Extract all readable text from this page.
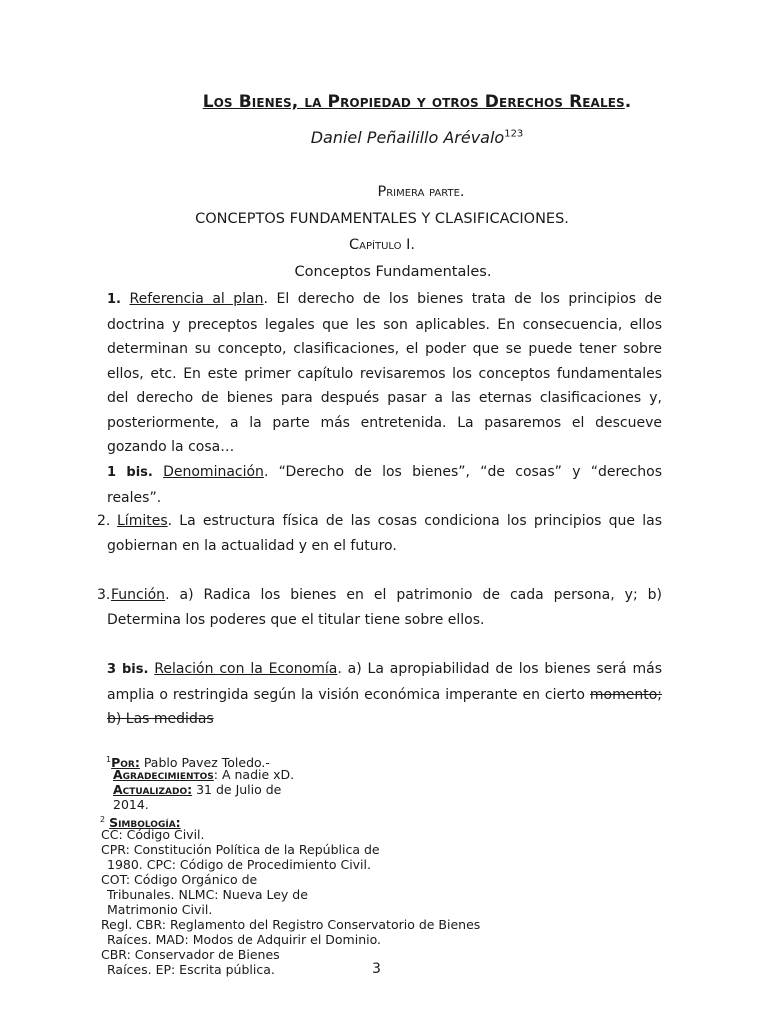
Los Bienes, la Propiedad y otros Derechos Reales.
Daniel Peñailillo Arévalo$^{123}$
Primera parte.
CONCEPTOS FUNDAMENTALES Y CLASIFICACIONES.
Capítulo I.
Conceptos Fundamentales.
1. Referencia al plan. El derecho de los bienes trata de los principios de doctrina y preceptos legales que les son aplicables. En consecuencia, ellos determinan su concepto, clasificaciones, el poder que se puede tener sobre ellos, etc. En este primer capítulo revisaremos los conceptos fundamentales del derecho de bienes para después pasar a las eternas clasificaciones y, posteriormente, a la parte más entretenida. La pasaremos el descueve gozando la cosa…
1 bis. Denominación. “Derecho de los bienes”, “de cosas” y “derechos reales”.
2. Límites. La estructura física de las cosas condiciona los principios que las gobiernan en la actualidad y en el futuro.
3. Función. a) Radica los bienes en el patrimonio de cada persona, y; b) Determina los poderes que el titular tiene sobre ellos.
3 bis. Relación con la Economía. a) La apropiabilidad de los bienes será más amplia o restringida según la visión económica imperante en cierto momento; b) Las medidas
$^1$Por: Pablo Pavez Toledo.-
Agradecimientos: A nadie xD.
Actualizado: 31 de Julio de
2014.
$^2$ Simbología:
CC: Código Civil.
CPR: Constitución Política de la República de
1980. CPC: Código de Procedimiento Civil.
COT: Código Orgánico de
Tribunales. NLMC: Nueva Ley de
Matrimonio Civil.
Regl. CBR: Reglamento del Registro Conservatorio de Bienes
Raíces. MAD: Modos de Adquirir el Dominio.
CBR: Conservador de Bienes
Raíces. EP: Escrita pública.	3
